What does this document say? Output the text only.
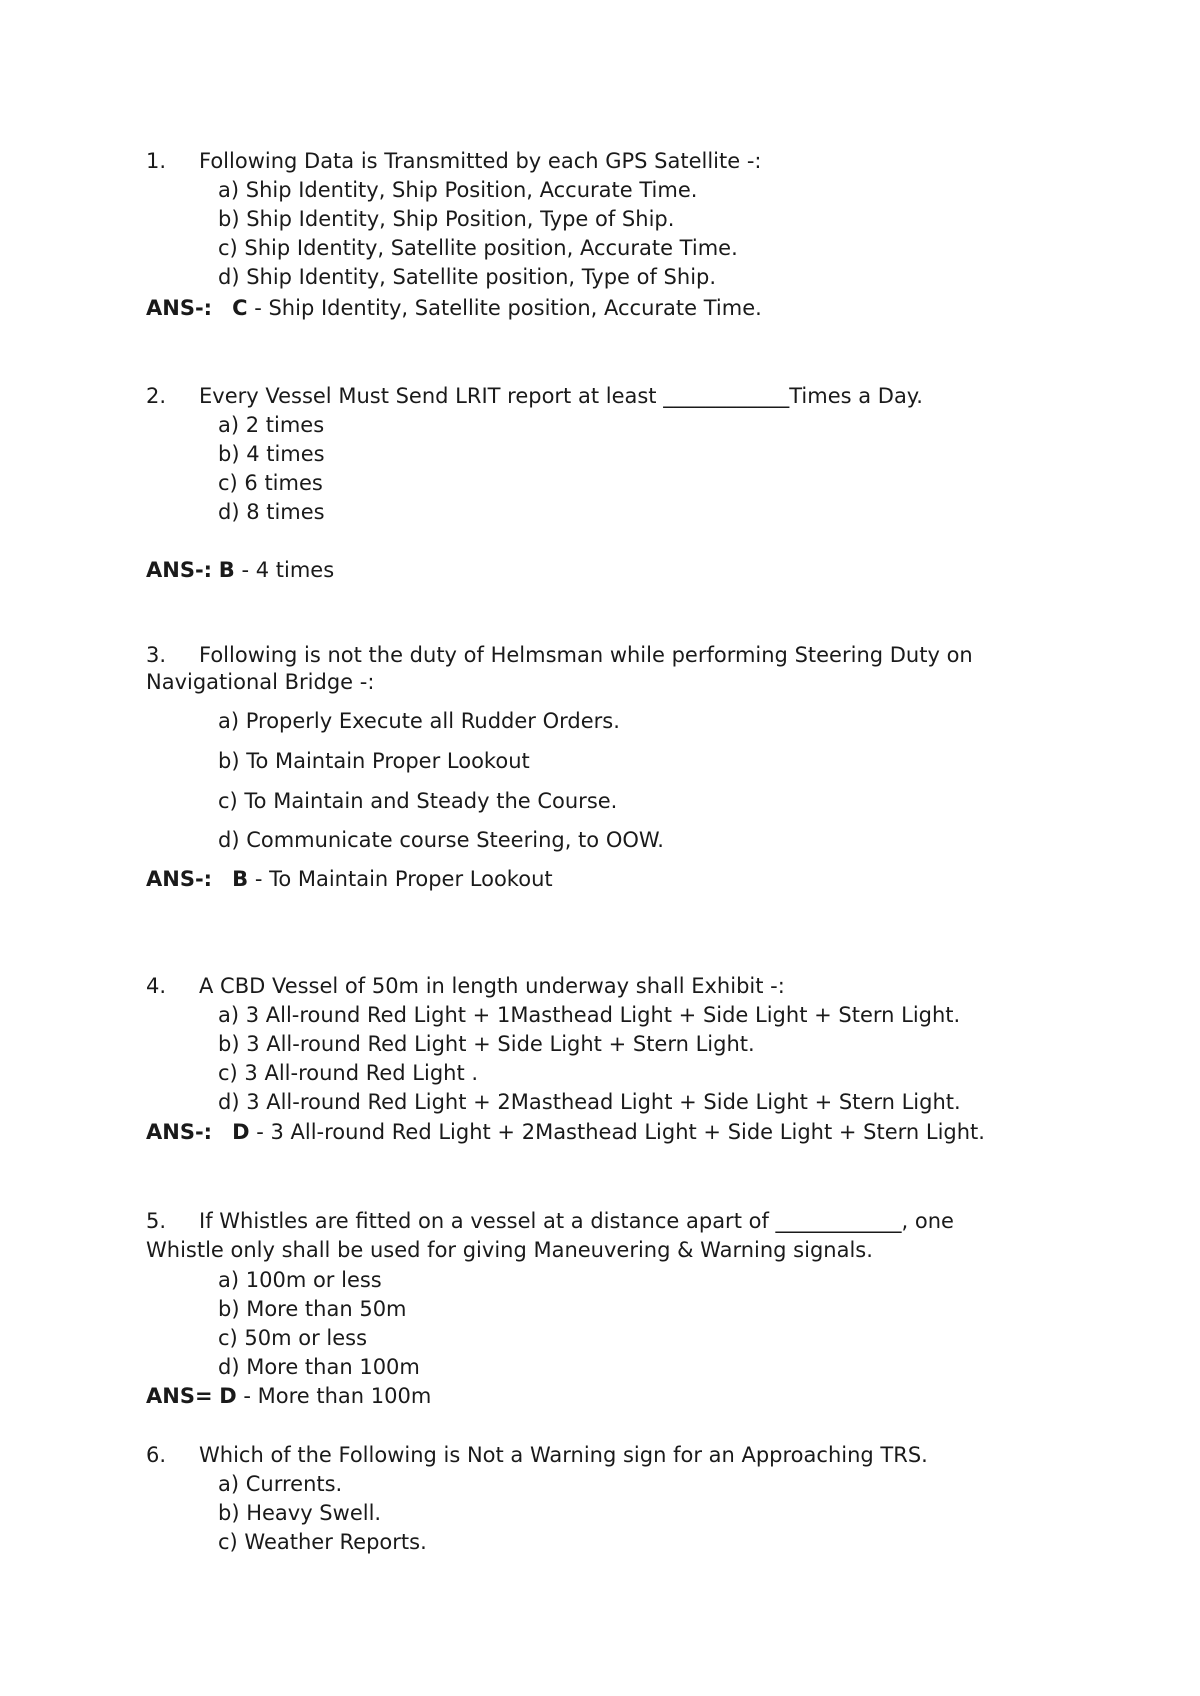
1. Following Data is Transmitted by each GPS Satellite -:
a) Ship Identity, Ship Position, Accurate Time.
b) Ship Identity, Ship Position, Type of Ship.
c) Ship Identity, Satellite position, Accurate Time.
d) Ship Identity, Satellite position, Type of Ship.
ANS-: C - Ship Identity, Satellite position, Accurate Time.
2. Every Vessel Must Send LRIT report at least ____________Times a Day.
a) 2 times
b) 4 times
c) 6 times
d) 8 times
ANS-: B - 4 times
3. Following is not the duty of Helmsman while performing Steering Duty on
Navigational Bridge -:
a) Properly Execute all Rudder Orders.
b) To Maintain Proper Lookout
c) To Maintain and Steady the Course.
d) Communicate course Steering, to OOW.
ANS-: B - To Maintain Proper Lookout
4. A CBD Vessel of 50m in length underway shall Exhibit -:
a) 3 All-round Red Light + 1Masthead Light + Side Light + Stern Light.
b) 3 All-round Red Light + Side Light + Stern Light.
c) 3 All-round Red Light .
d) 3 All-round Red Light + 2Masthead Light + Side Light + Stern Light.
ANS-: D - 3 All-round Red Light + 2Masthead Light + Side Light + Stern Light.
5. If Whistles are fitted on a vessel at a distance apart of ____________, one
Whistle only shall be used for giving Maneuvering & Warning signals.
a) 100m or less
b) More than 50m
c) 50m or less
d) More than 100m
ANS= D - More than 100m
6. Which of the Following is Not a Warning sign for an Approaching TRS.
a) Currents.
b) Heavy Swell.
c) Weather Reports.
